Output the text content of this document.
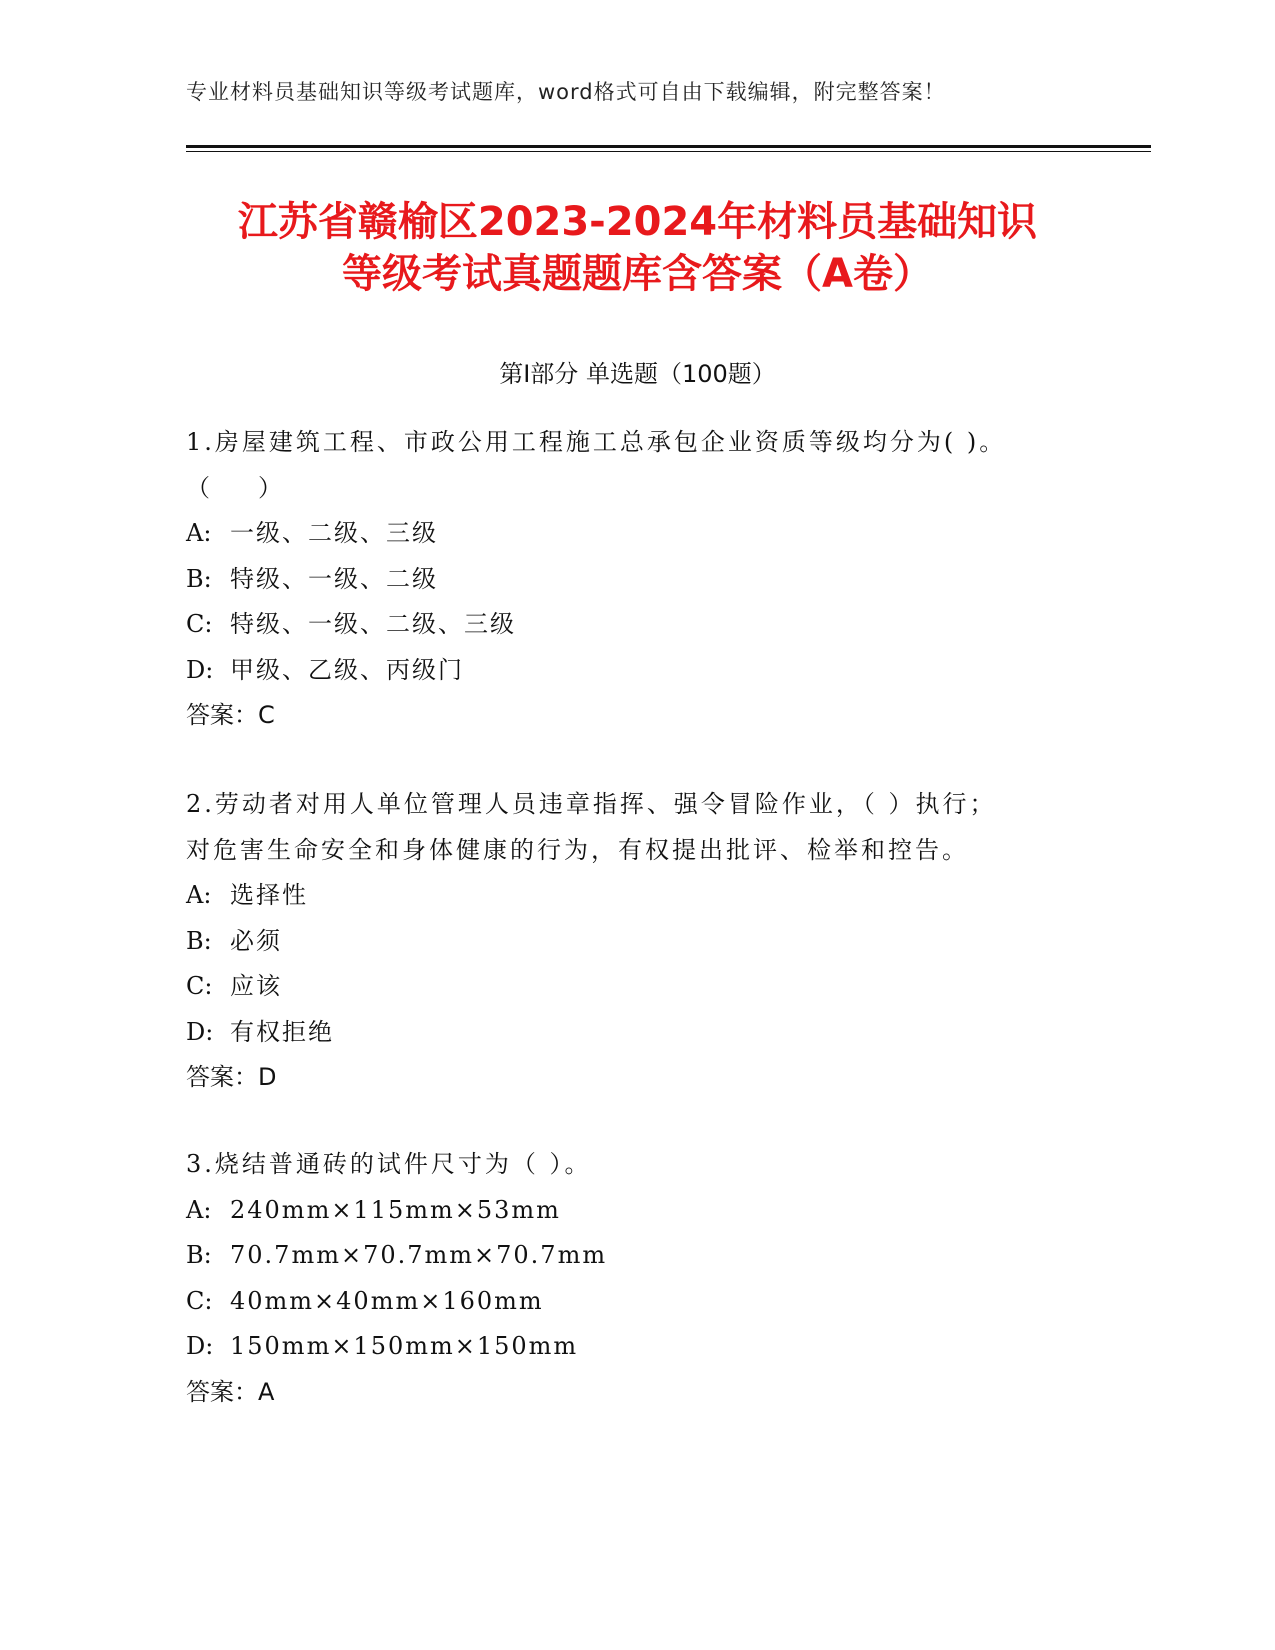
专业材料员基础知识等级考试题库，word格式可自由下载编辑，附完整答案！
江苏省赣榆区2023-2024年材料员基础知识
等级考试真题题库含答案（A卷）
第Ⅰ部分 单选题（100题）
1.房屋建筑工程、市政公用工程施工总承包企业资质等级均分为( )。
（　　）
A: 一级、二级、三级
B: 特级、一级、二级
C: 特级、一级、二级、三级
D: 甲级、乙级、丙级门
答案：C
2.劳动者对用人单位管理人员违章指挥、强令冒险作业，（ ）执行；
对危害生命安全和身体健康的行为，有权提出批评、检举和控告。
A: 选择性
B: 必须
C: 应该
D: 有权拒绝
答案：D
3.烧结普通砖的试件尺寸为（ ）。
A: 240mm×115mm×53mm
B: 70.7mm×70.7mm×70.7mm
C: 40mm×40mm×160mm
D: 150mm×150mm×150mm
答案：A
